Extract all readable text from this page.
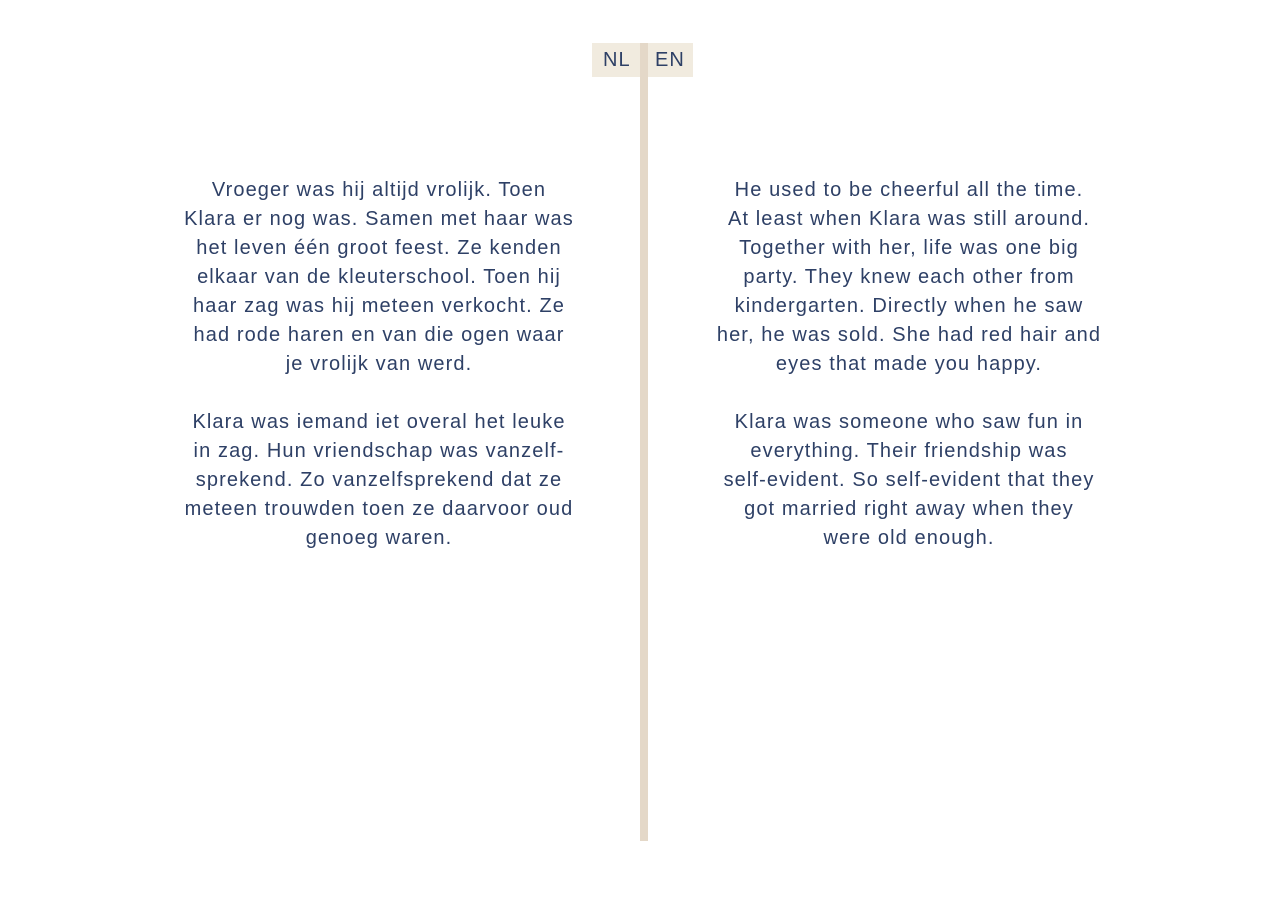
NL EN

Vroeger was hij altijd vrolijk. Toen
Klara er nog was. Samen met haar was
het leven één groot feest. Ze kenden
elkaar van de kleuterschool. Toen hij
haar zag was hij meteen verkocht. Ze
had rode haren en van die ogen waar
je vrolijk van werd.

Klara was iemand iet overal het leuke
in zag. Hun vriendschap was vanzelf-
sprekend. Zo vanzelfsprekend dat ze
meteen trouwden toen ze daarvoor oud
genoeg waren.

He used to be cheerful all the time.
At least when Klara was still around.
Together with her, life was one big
party. They knew each other from
kindergarten. Directly when he saw
her, he was sold. She had red hair and
eyes that made you happy.

Klara was someone who saw fun in
everything. Their friendship was
self-evident. So self-evident that they
got married right away when they
were old enough.
